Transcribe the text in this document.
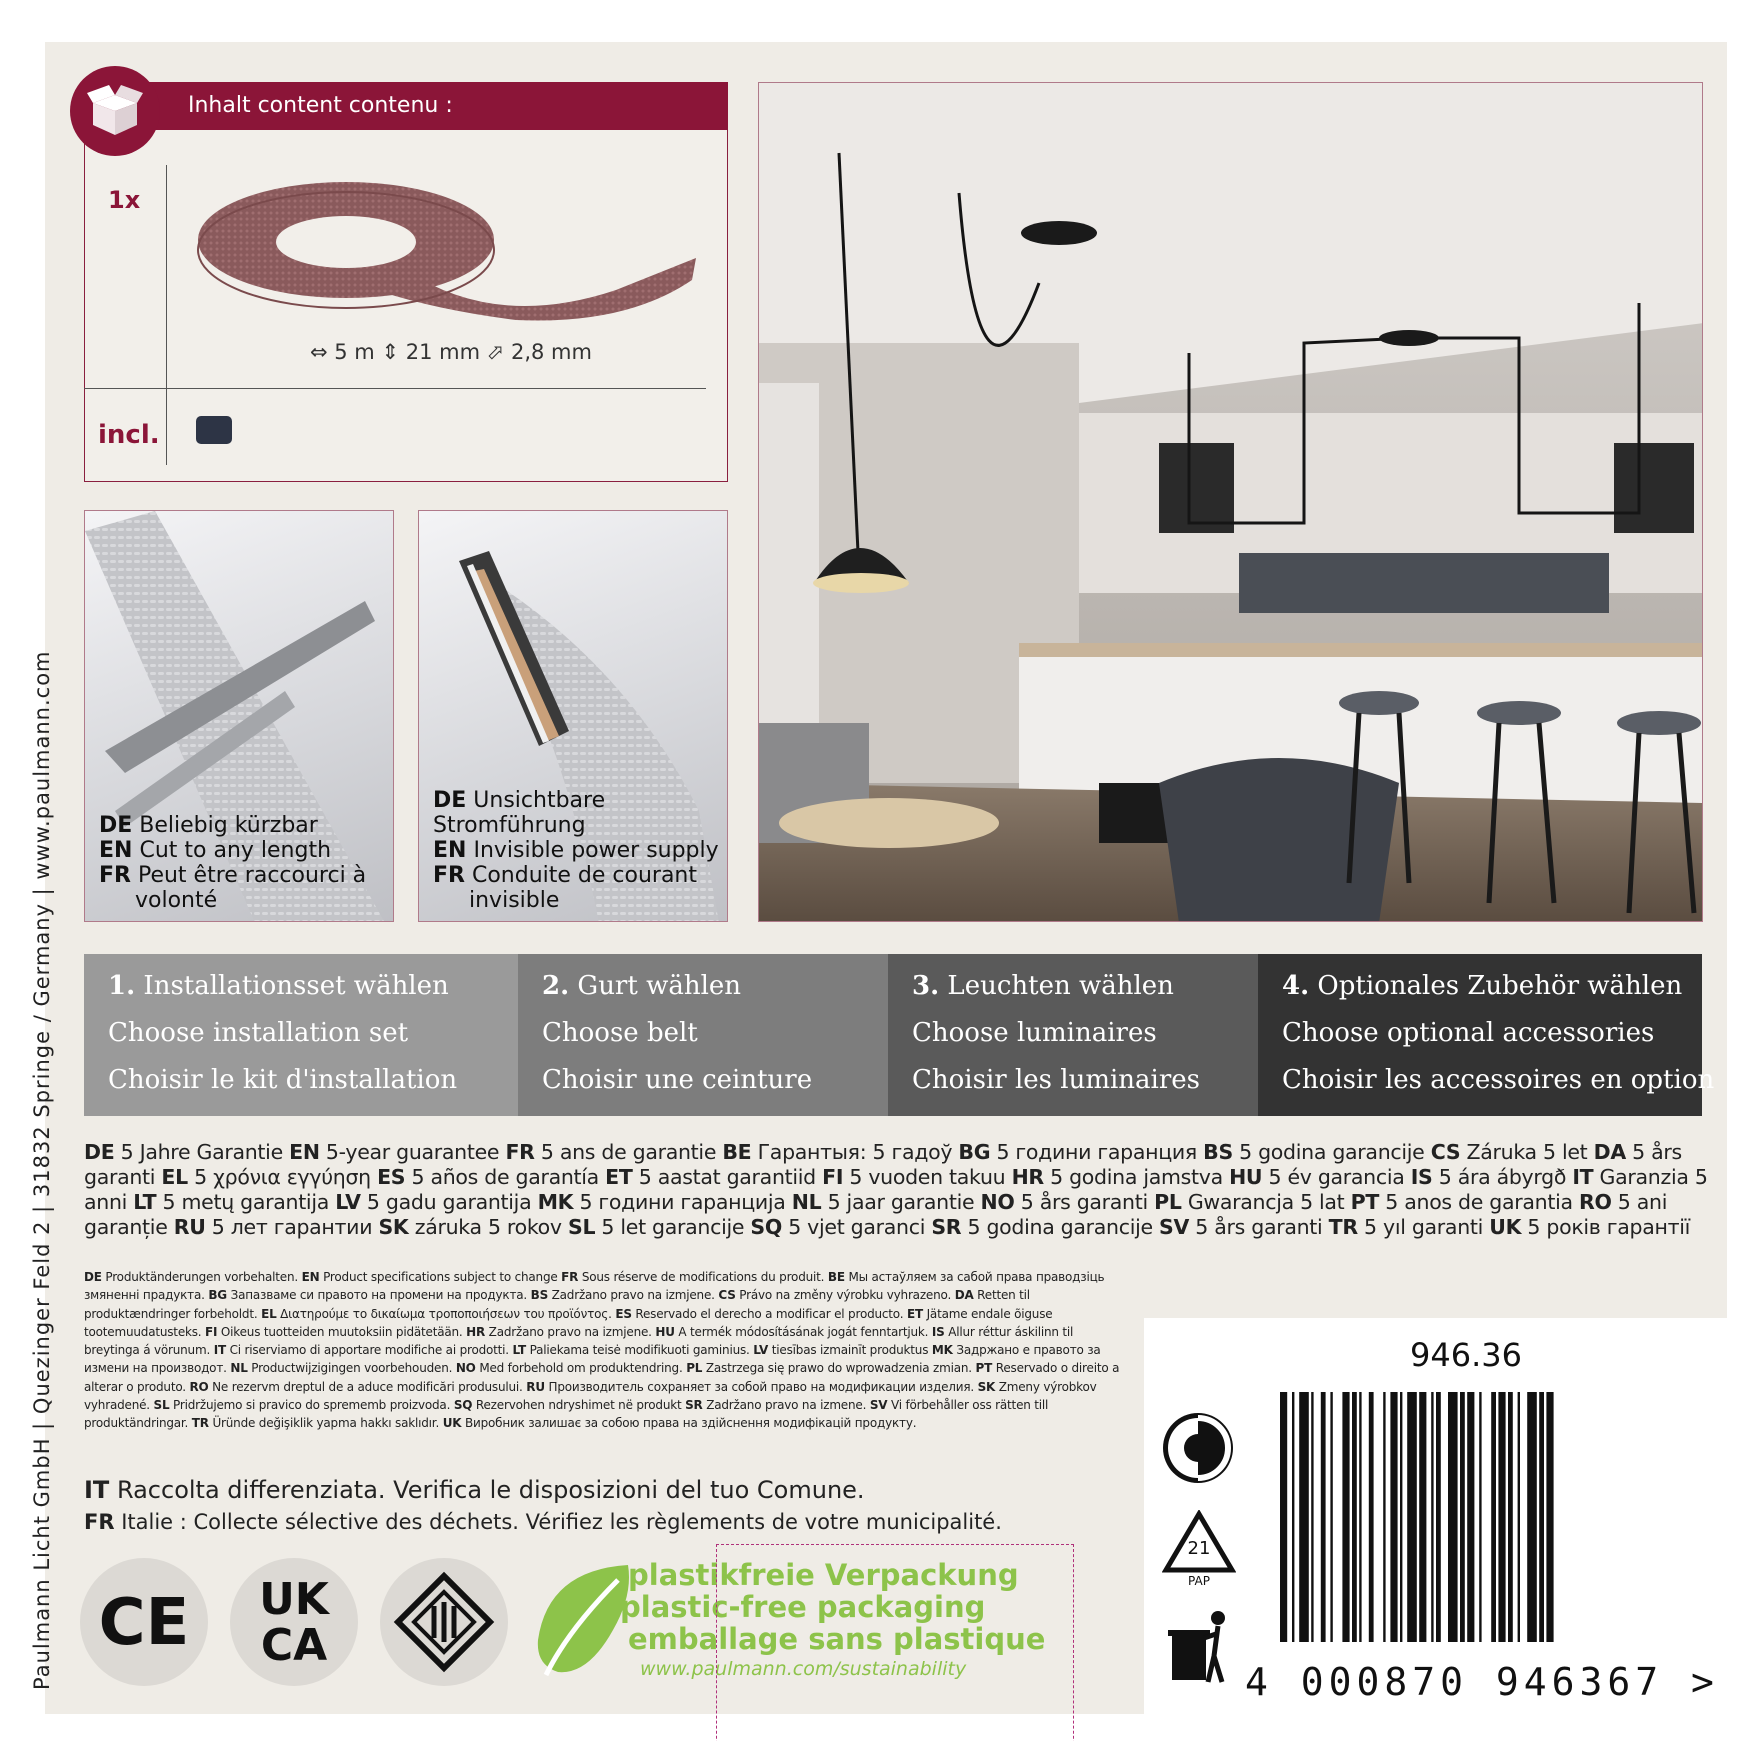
Paulmann Licht GmbH | Quezinger Feld 2 | 31832 Springe / Germany | www.paulmann.com
Inhalt content contenu :
1x
⇔ 5 m ⇕ 21 mm ⬀ 2,8 mm
incl.
DE Beliebig kürzbar
EN Cut to any length
FR Peut être raccourci à
volonté
DE Unsichtbare Stromführung
EN Invisible power supply
FR Conduite de courant
invisible
1. Installationsset wählen
Choose installation set
Choisir le kit d'installation
2. Gurt wählen
Choose belt
Choisir une ceinture
3. Leuchten wählen
Choose luminaires
Choisir les luminaires
4. Optionales Zubehör wählen
Choose optional accessories
Choisir les accessoires en option
DE 5 Jahre Garantie EN 5-year guarantee FR 5 ans de garantie BE Гарантыя: 5 гадоў BG 5 години гаранция BS 5 godina garancije CS Záruka 5 let DA 5 års garanti EL 5 χρόνια εγγύηση ES 5 años de garantía ET 5 aastat garantiid FI 5 vuoden takuu HR 5 godina jamstva HU 5 év garancia IS 5 ára ábyrgð IT Garanzia 5 anni LT 5 metų garantija LV 5 gadu garantija MK 5 години гаранција NL 5 jaar garantie NO 5 års garanti PL Gwarancja 5 lat PT 5 anos de garantia RO 5 ani garanție RU 5 лет гарантии SK záruka 5 rokov SL 5 let garancije SQ 5 vjet garanci SR 5 godina garancije SV 5 års garanti TR 5 yıl garanti UK 5 років гарантії
DE Produktänderungen vorbehalten. EN Product specifications subject to change FR Sous réserve de modifications du produit. BE Мы астаўляем за сабой права праводзіць змяненні прадукта. BG Запазваме си правото на промени на продукта. BS Zadržano pravo na izmjene. CS Právo na změny výrobku vyhrazeno. DA Retten til produktændringer forbeholdt. EL Διατηρούμε το δικαίωμα τροποποιήσεων του προϊόντος. ES Reservado el derecho a modificar el producto. ET Jätame endale õiguse tootemuudatusteks. FI Oikeus tuotteiden muutoksiin pidätetään. HR Zadržano pravo na izmjene. HU A termék módosításának jogát fenntartjuk. IS Allur réttur áskilinn til breytinga á vörunum. IT Ci riserviamo di apportare modifiche ai prodotti. LT Paliekama teisė modifikuoti gaminius. LV tiesības izmainīt produktus MK Задржано е правото за измени на производот. NL Productwijzigingen voorbehouden. NO Med forbehold om produktendring. PL Zastrzega się prawo do wprowadzenia zmian. PT Reservado o direito a alterar o produto. RO Ne rezervm dreptul de a aduce modificări produsului. RU Производитель сохраняет за собой право на модификации изделия. SK Zmeny výrobkov vyhradené. SL Pridržujemo si pravico do sprememb proizvoda. SQ Rezervohen ndryshimet në produkt SR Zadržano pravo na izmene. SV Vi förbehåller oss rätten till produktändringar. TR Üründe değişiklik yapma hakkı saklıdır. UK Виробник залишає за собою права на здійснення модифікацій продукту.
IT Raccolta differenziata. Verifica le disposizioni del tuo Comune.
FR Italie : Collecte sélective des déchets. Vérifiez les règlements de votre municipalité.
CE	UK
CA
plastikfreie Verpackung
plastic-free packaging
emballage sans plastique
www.paulmann.com/sustainability
946.36
4 000870 946367 >
21
PAP
